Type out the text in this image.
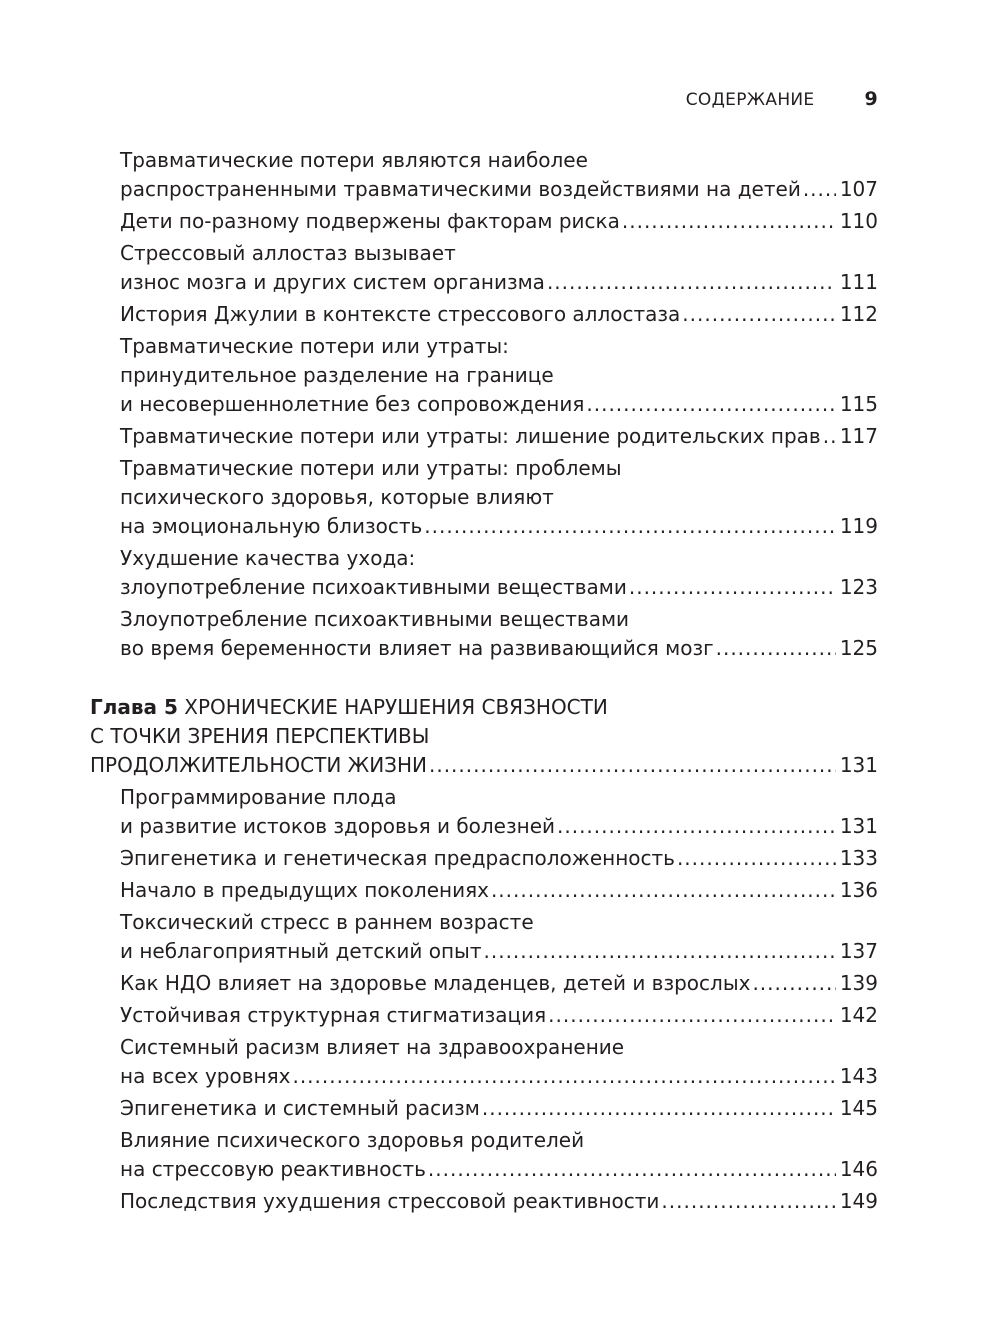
СОДЕРЖАНИЕ	9
Травматические потери являются наиболее
распространенными травматическими воздействиями на детей ..... 107
Дети по-разному подвержены факторам риска .....	110
Стрессовый аллостаз вызывает
износ мозга и других систем организма .....	111
История Джулии в контексте стрессового аллостаза .....	112
Травматические потери или утраты:
принудительное разделение на границе
и несовершеннолетние без сопровождения .....	115
Травматические потери или утраты: лишение родительских прав ..... 117
Травматические потери или утраты: проблемы
психического здоровья, которые влияют
на эмоциональную близость .....	119
Ухудшение качества ухода:
злоупотребление психоактивными веществами .....	123
Злоупотребление психоактивными веществами
во время беременности влияет на развивающийся мозг .....	125
Глава 5 ХРОНИЧЕСКИЕ НАРУШЕНИЯ СВЯЗНОСТИ
С ТОЧКИ ЗРЕНИЯ ПЕРСПЕКТИВЫ
ПРОДОЛЖИТЕЛЬНОСТИ ЖИЗНИ .....	131
Программирование плода
и развитие истоков здоровья и болезней .....	131
Эпигенетика и генетическая предрасположенность .....	133
Начало в предыдущих поколениях .....	136
Токсический стресс в раннем возрасте
и неблагоприятный детский опыт .....	137
Как НДО влияет на здоровье младенцев, детей и взрослых .....	139
Устойчивая структурная стигматизация .....	142
Системный расизм влияет на здравоохранение
на всех уровнях .....	143
Эпигенетика и системный расизм .....	145
Влияние психического здоровья родителей
на стрессовую реактивность .....	146
Последствия ухудшения стрессовой реактивности .....	149
